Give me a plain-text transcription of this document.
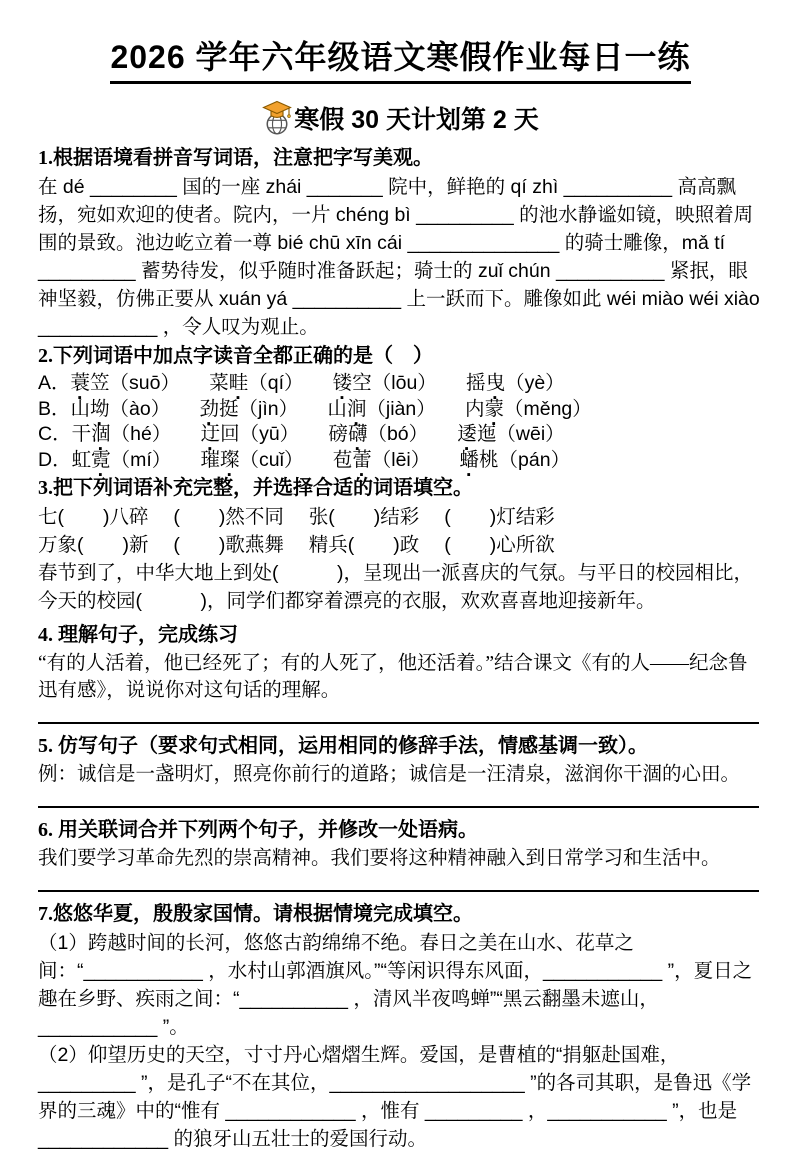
2026 学年六年级语文寒假作业每日一练
寒假 30 天计划第 2 天
1.根据语境看拼音写词语，注意把字写美观。

在 dé ________ 国的一座 zhái _______ 院中，鲜艳的 qí zhì __________ 高高飘扬，宛如欢迎的使者。院内，一片 chéng bì _________ 的池水静谧如镜，映照着周围的景致。池边屹立着一尊 bié chū xīn cái ______________ 的骑士雕像，mǎ tí _________ 蓄势待发，似乎随时准备跃起；骑士的 zuǐ chún __________ 紧抿，眼神坚毅，仿佛正要从 xuán yá __________ 上一跃而下。雕像如此 wéi miào wéi xiào ___________ ，令人叹为观止。

2.下列词语中加点字读音全都正确的是（　）

A．蓑笠（suō）　　菜畦（qí）　　镂空（lōu）　　摇曳（yè）

B．山坳（ào）　　劲挺（jìn）　　山涧（jiàn）　　内蒙（měng）

C．干涸（hé）　　迂回（yū）　　磅礴（bó）　　逶迤（wēi）

D．虹霓（mí）　　璀璨（cuǐ）　　苞蕾（lēi）　　蟠桃（pán）

3.把下列词语补充完整，并选择合适的词语填空。

七(　　)八碎　 (　　)然不同　 张(　　)结彩　 (　　)灯结彩

万象(　　)新　 (　　)歌燕舞　 精兵(　　)政　 (　　)心所欲

春节到了，中华大地上到处(　　　)，呈现出一派喜庆的气氛。与平日的校园相比，今天的校园(　　　)，同学们都穿着漂亮的衣服，欢欢喜喜地迎接新年。

4. 理解句子，完成练习

“有的人活着，他已经死了；有的人死了，他还活着。”结合课文《有的人——纪念鲁迅有感》，说说你对这句话的理解。

5. 仿写句子（要求句式相同，运用相同的修辞手法，情感基调一致）。

例：诚信是一盏明灯，照亮你前行的道路；诚信是一汪清泉，滋润你干涸的心田。

6. 用关联词合并下列两个句子，并修改一处语病。

我们要学习革命先烈的崇高精神。我们要将这种精神融入到日常学习和生活中。

7.悠悠华夏，殷殷家国情。请根据情境完成填空。

（1）跨越时间的长河，悠悠古韵绵绵不绝。春日之美在山水、花草之间：“___________ ，水村山郭酒旗风。”“等闲识得东风面，___________ ”，夏日之趣在乡野、疾雨之间：“__________ ，清风半夜鸣蝉”“黑云翻墨未遮山，___________ ”。

（2）仰望历史的天空，寸寸丹心熠熠生辉。爱国，是曹植的“捐躯赴国难，_________ ”，是孔子“不在其位，__________________ ”的各司其职，是鲁迅《学界的三魂》中的“惟有 ____________ ，惟有 _________ ，___________ ”，也是 ____________ 的狼牙山五壮士的爱国行动。
